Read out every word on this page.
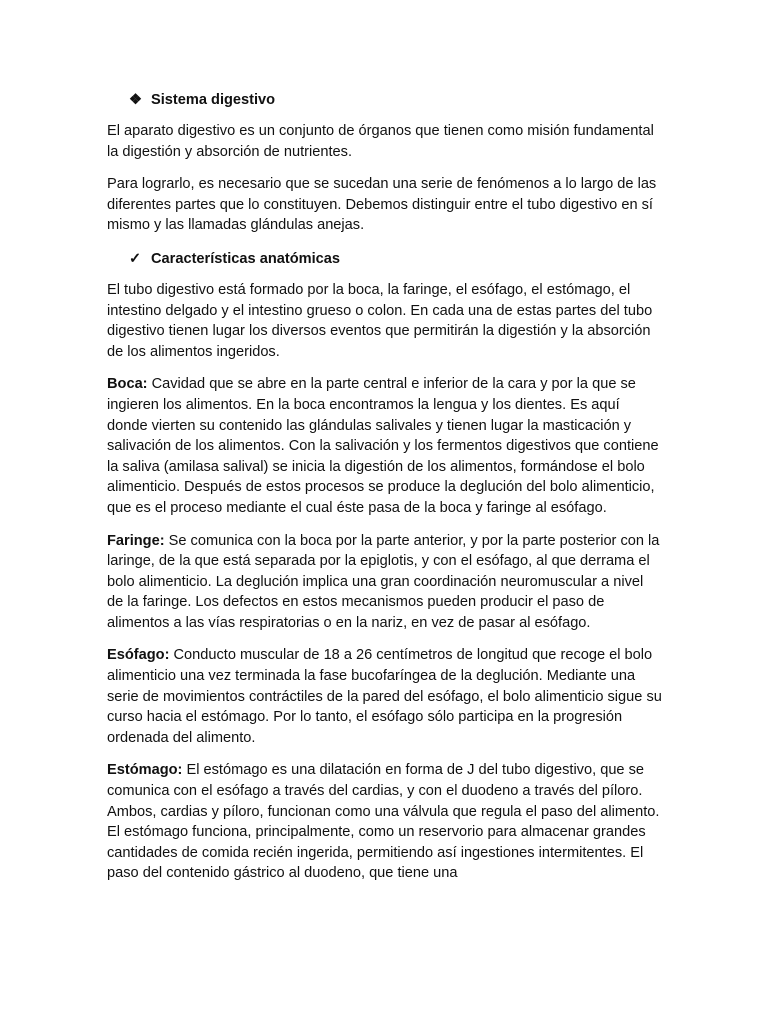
❖ Sistema digestivo

El aparato digestivo es un conjunto de órganos que tienen como misión fundamental la digestión y absorción de nutrientes.

Para lograrlo, es necesario que se sucedan una serie de fenómenos a lo largo de las diferentes partes que lo constituyen. Debemos distinguir entre el tubo digestivo en sí mismo y las llamadas glándulas anejas.

✓ Características anatómicas

El tubo digestivo está formado por la boca, la faringe, el esófago, el estómago, el intestino delgado y el intestino grueso o colon. En cada una de estas partes del tubo digestivo tienen lugar los diversos eventos que permitirán la digestión y la absorción de los alimentos ingeridos.

Boca: Cavidad que se abre en la parte central e inferior de la cara y por la que se ingieren los alimentos. En la boca encontramos la lengua y los dientes. Es aquí donde vierten su contenido las glándulas salivales y tienen lugar la masticación y salivación de los alimentos. Con la salivación y los fermentos digestivos que contiene la saliva (amilasa salival) se inicia la digestión de los alimentos, formándose el bolo alimenticio. Después de estos procesos se produce la deglución del bolo alimenticio, que es el proceso mediante el cual éste pasa de la boca y faringe al esófago.

Faringe: Se comunica con la boca por la parte anterior, y por la parte posterior con la laringe, de la que está separada por la epiglotis, y con el esófago, al que derrama el bolo alimenticio. La deglución implica una gran coordinación neuromuscular a nivel de la faringe. Los defectos en estos mecanismos pueden producir el paso de alimentos a las vías respiratorias o en la nariz, en vez de pasar al esófago.

Esófago: Conducto muscular de 18 a 26 centímetros de longitud que recoge el bolo alimenticio una vez terminada la fase bucofaríngea de la deglución. Mediante una serie de movimientos contráctiles de la pared del esófago, el bolo alimenticio sigue su curso hacia el estómago. Por lo tanto, el esófago sólo participa en la progresión ordenada del alimento.

Estómago: El estómago es una dilatación en forma de J del tubo digestivo, que se comunica con el esófago a través del cardias, y con el duodeno a través del píloro. Ambos, cardias y píloro, funcionan como una válvula que regula el paso del alimento. El estómago funciona, principalmente, como un reservorio para almacenar grandes cantidades de comida recién ingerida, permitiendo así ingestiones intermitentes. El paso del contenido gástrico al duodeno, que tiene una
